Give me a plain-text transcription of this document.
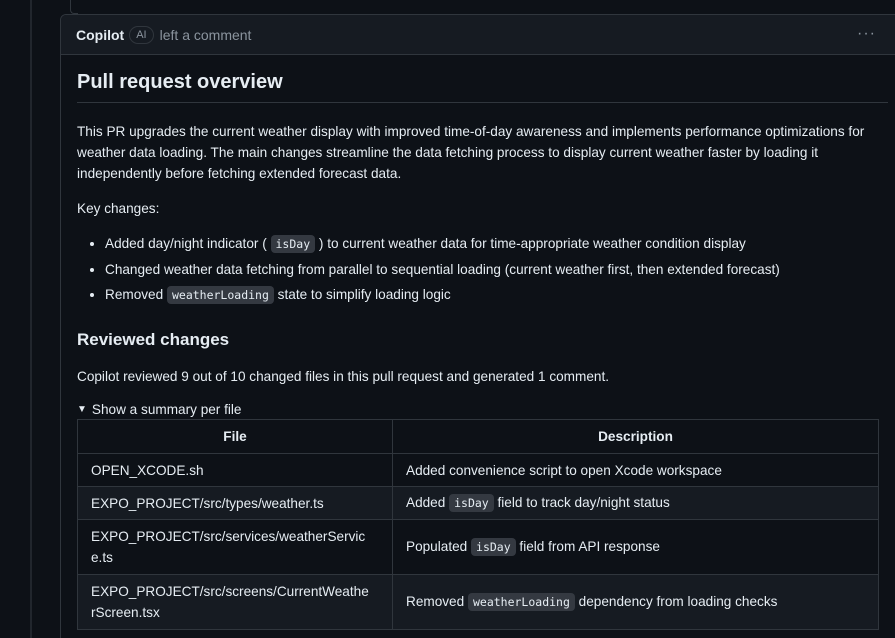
Copilot	AI left a comment	···
Pull request overview

This PR upgrades the current weather display with improved time-of-day awareness and implements performance optimizations for weather data loading. The main changes streamline the data fetching process to display current weather faster by loading it independently before fetching extended forecast data.

Key changes:

• Added day/night indicator ( isDay ) to current weather data for time-appropriate weather condition display
• Changed weather data fetching from parallel to sequential loading (current weather first, then extended forecast)
• Removed weatherLoading state to simplify loading logic
Reviewed changes

Copilot reviewed 9 out of 10 changed files in this pull request and generated 1 comment.

▼ Show a summary per file
File	Description
OPEN_XCODE.sh	Added convenience script to open Xcode workspace
EXPO_PROJECT/src/types/weather.ts	Added isDay field to track day/night status
EXPO_PROJECT/src/services/weatherServic
e.ts	Populated isDay field from API response
EXPO_PROJECT/src/screens/CurrentWeathe
rScreen.tsx	Removed weatherLoading dependency from loading checks
